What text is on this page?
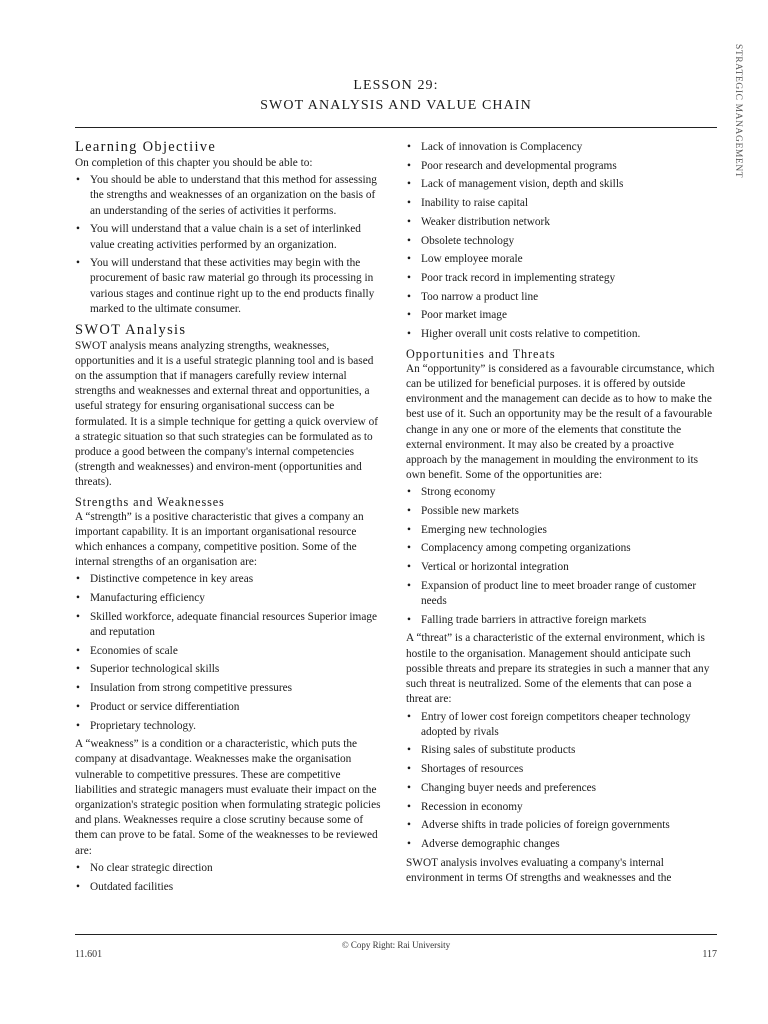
STRATEGIC MANAGEMENT
LESSON 29:
SWOT ANALYSIS AND VALUE CHAIN
Learning Objectiive

On completion of this chapter you should be able to:

• You should be able to understand that this method for assessing the strengths and weaknesses of an organization on the basis of an understanding of the series of activities it performs.
• You will understand that a value chain is a set of interlinked value creating activities performed by an organization.
• You will understand that these activities may begin with the procurement of basic raw material go through its processing in various stages and continue right up to the end products finally marked to the ultimate consumer.
SWOT Analysis

SWOT analysis means analyzing strengths, weaknesses, opportunities and it is a useful strategic planning tool and is based on the assumption that if managers carefully review internal strengths and weaknesses and external threat and opportunities, a useful strategy for ensuring organisational success can be formulated. It is a simple technique for getting a quick overview of a strategic situation so that such strategies can be formulated as to produce a good between the company's internal competencies (strength and weaknesses) and environ-ment (opportunities and threats).

Strengths and Weaknesses

A “strength” is a positive characteristic that gives a company an important capability. It is an important organisational resource which enhances a company, competitive position. Some of the internal strengths of an organisation are:

• Distinctive competence in key areas
• Manufacturing efficiency
• Skilled workforce, adequate financial resources Superior image and reputation
• Economies of scale
• Superior technological skills
• Insulation from strong competitive pressures
• Product or service differentiation
• Proprietary technology.

A “weakness” is a condition or a characteristic, which puts the company at disadvantage. Weaknesses make the organisation vulnerable to competitive pressures. These are competitive liabilities and strategic managers must evaluate their impact on the organization's strategic position when formulating strategic policies and plans. Weaknesses require a close scrutiny because some of them can prove to be fatal. Some of the weaknesses to be reviewed are:

• No clear strategic direction
• Outdated facilities
• Lack of innovation is Complacency
• Poor research and developmental programs
• Lack of management vision, depth and skills
• Inability to raise capital
• Weaker distribution network
• Obsolete technology
• Low employee morale
• Poor track record in implementing strategy
• Too narrow a product line
• Poor market image
• Higher overall unit costs relative to competition.
Opportunities and Threats

An “opportunity” is considered as a favourable circumstance, which can be utilized for beneficial purposes. it is offered by outside environment and the management can decide as to how to make the best use of it. Such an opportunity may be the result of a favourable change in any one or more of the elements that constitute the external environment. It may also be created by a proactive approach by the management in moulding the environment to its own benefit. Some of the opportunities are:

• Strong economy
• Possible new markets
• Emerging new technologies
• Complacency among competing organizations
• Vertical or horizontal integration
• Expansion of product line to meet broader range of customer needs
• Falling trade barriers in attractive foreign markets

A “threat” is a characteristic of the external environment, which is hostile to the organisation. Management should anticipate such possible threats and prepare its strategies in such a manner that any such threat is neutralized. Some of the elements that can pose a threat are:

• Entry of lower cost foreign competitors cheaper technology adopted by rivals
• Rising sales of substitute products
• Shortages of resources
• Changing buyer needs and preferences
• Recession in economy
• Adverse shifts in trade policies of foreign governments
• Adverse demographic changes

SWOT analysis involves evaluating a company's internal environment in terms Of strengths and weaknesses and the

© Copy Right: Rai University
11.601	117
